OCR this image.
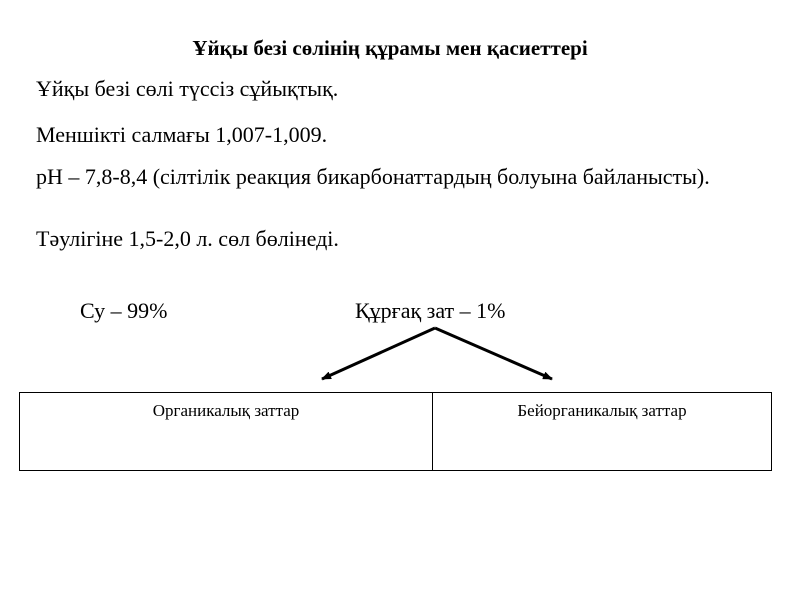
Ұйқы безі сөлінің құрамы мен қасиеттері
Ұйқы безі сөлі түссіз сұйықтық.
Меншікті салмағы 1,007-1,009.
pH – 7,8-8,4 (сілтілік реакция бикарбонаттардың болуына байланысты).
Тәулігіне 1,5-2,0 л. сөл бөлінеді.
Су – 99%	Құрғақ зат – 1%
Органикалық заттар	Бейорганикалық заттар
